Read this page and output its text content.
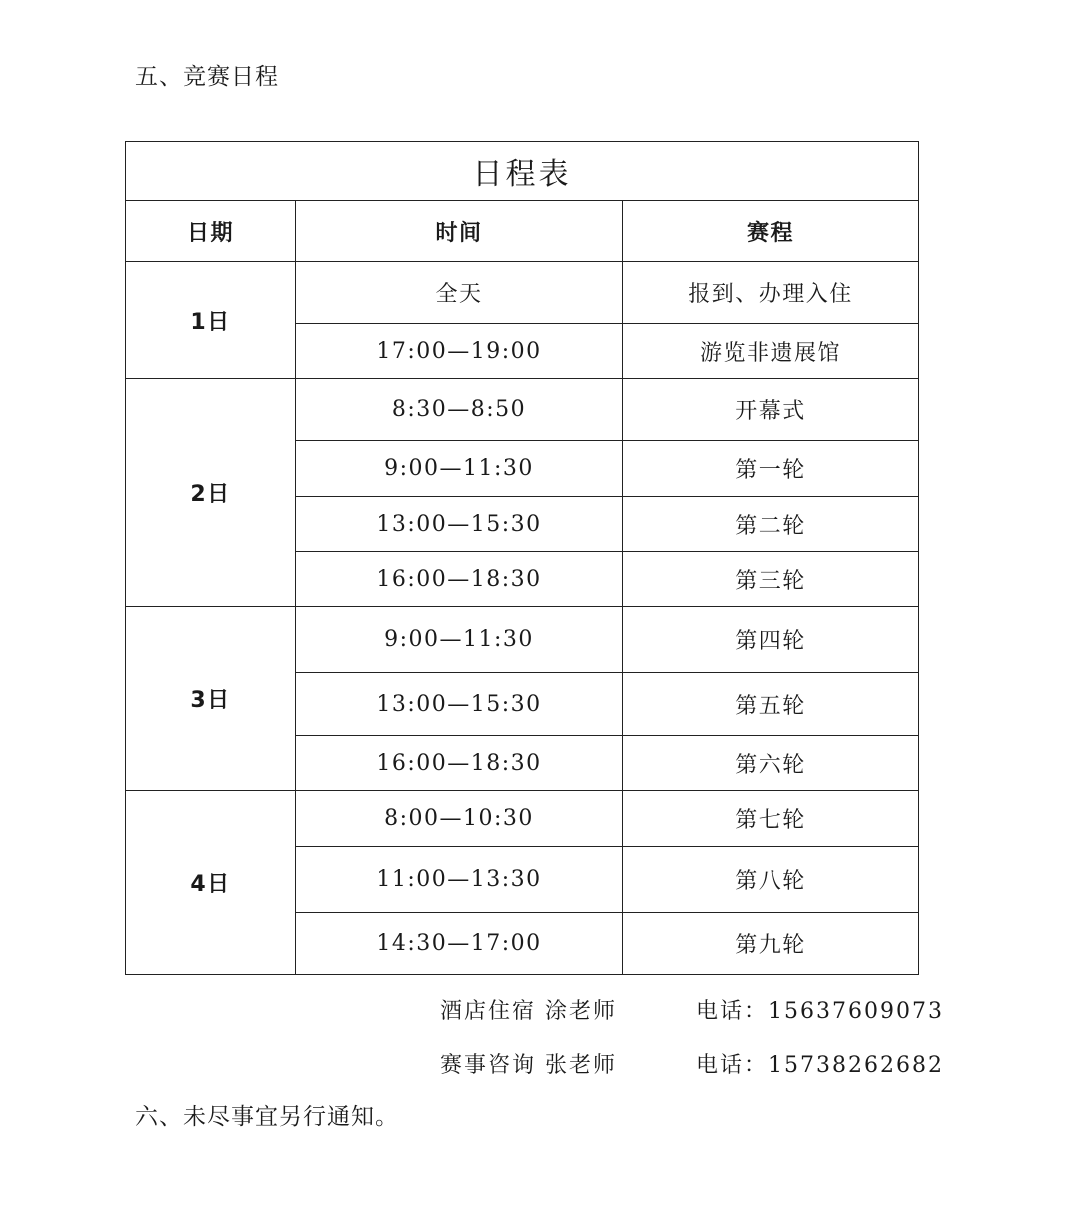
五、竞赛日程
日程表		
日期	时间	赛程
1日	全天	报到、办理入住
	17:00—19:00	游览非遗展馆
2日	8:30—8:50	开幕式
	9:00—11:30	第一轮
	13:00—15:30	第二轮
	16:00—18:30	第三轮
3日	9:00—11:30	第四轮
	13:00—15:30	第五轮
	16:00—18:30	第六轮
4日	8:00—10:30	第七轮
	11:00—13:30	第八轮
	14:30—17:00	第九轮
酒店住宿 涂老师	电话：15637609073
赛事咨询 张老师	电话：15738262682
六、未尽事宜另行通知。
